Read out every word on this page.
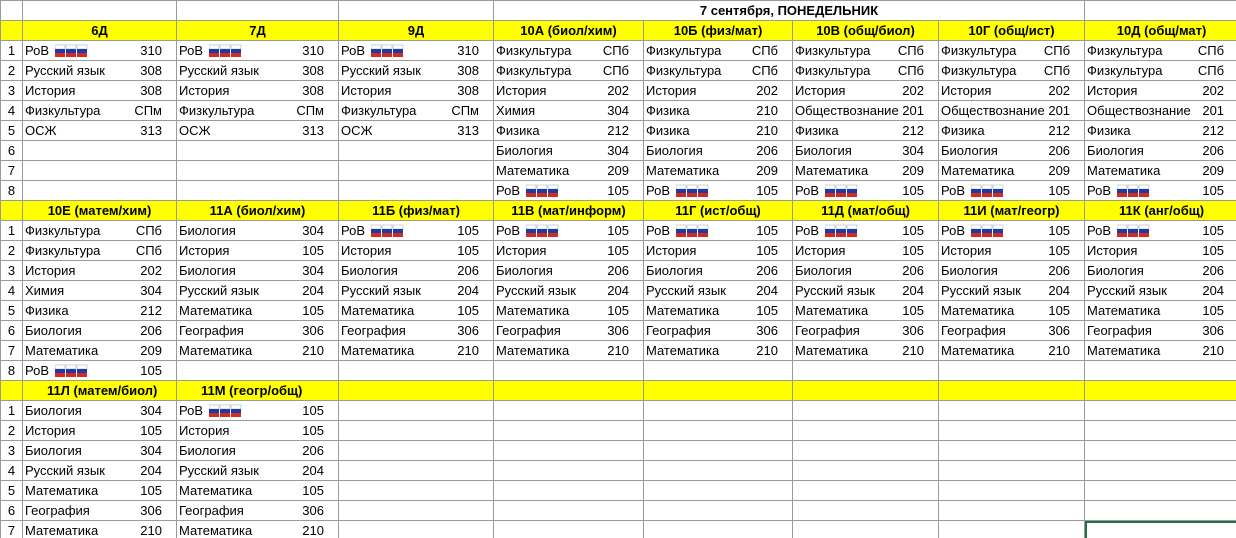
				7 сентября, ПОНЕДЕЛЬНИК				
	6Д	7Д	9Д	10А (биол/хим)	10Б (физ/мат)	10В (общ/биол)	10Г (общ/ист)	10Д (общ/мат)
1	РоВ 310	РоВ 310	РоВ 310	Физкультура СПб	Физкультура СПб	Физкультура СПб	Физкультура СПб	Физкультура СПб

2	Русский язык 308	Русский язык 308	Русский язык 308	Физкультура СПб	Физкультура СПб	Физкультура СПб	Физкультура СПб	Физкультура СПб

3	История 308	История 308	История 308	История 202	История 202	История 202	История 202	История 202

4	Физкультура СПм	Физкультура СПм	Физкультура СПм	Химия 304	Физика 210	Обществознание 201	Обществознание 201	Обществознание 201

5	ОСЖ 313	ОСЖ 313	ОСЖ 313	Физика 212	Физика 210	Физика 212	Физика 212	Физика 212

6				Биология 304	Биология 206	Биология 304	Биология 206	Биология 206

7				Математика 209	Математика 209	Математика 209	Математика 209	Математика 209

8				РоВ 105	РоВ 105	РоВ 105	РоВ 105	РоВ 105

	10Е (матем/хим)	11А (биол/хим)	11Б (физ/мат)	11В (мат/информ)	11Г (ист/общ)	11Д (мат/общ)	11И (мат/геогр)	11К (анг/общ)
1	Физкультура СПб	Биология 304	РоВ 105	РоВ 105	РоВ 105	РоВ 105	РоВ 105	РоВ 105

2	Физкультура СПб	История 105	История 105	История 105	История 105	История 105	История 105	История 105

3	История 202	Биология 304	Биология 206	Биология 206	Биология 206	Биология 206	Биология 206	Биология 206

4	Химия 304	Русский язык 204	Русский язык 204	Русский язык 204	Русский язык 204	Русский язык 204	Русский язык 204	Русский язык 204

5	Физика 212	Математика 105	Математика 105	Математика 105	Математика 105	Математика 105	Математика 105	Математика 105

6	Биология 206	География 306	География 306	География 306	География 306	География 306	География 306	География 306

7	Математика 209	Математика 210	Математика 210	Математика 210	Математика 210	Математика 210	Математика 210	Математика 210

8	РоВ 105							

	11Л (матем/биол)	11М (геогр/общ)						
1	Биология 304	РоВ 105						

2	История 105	История 105						

3	Биология 304	Биология 206						

4	Русский язык 204	Русский язык 204						

5	Математика 105	Математика 105						

6	География 306	География 306						

7	Математика 210	Математика 210						
